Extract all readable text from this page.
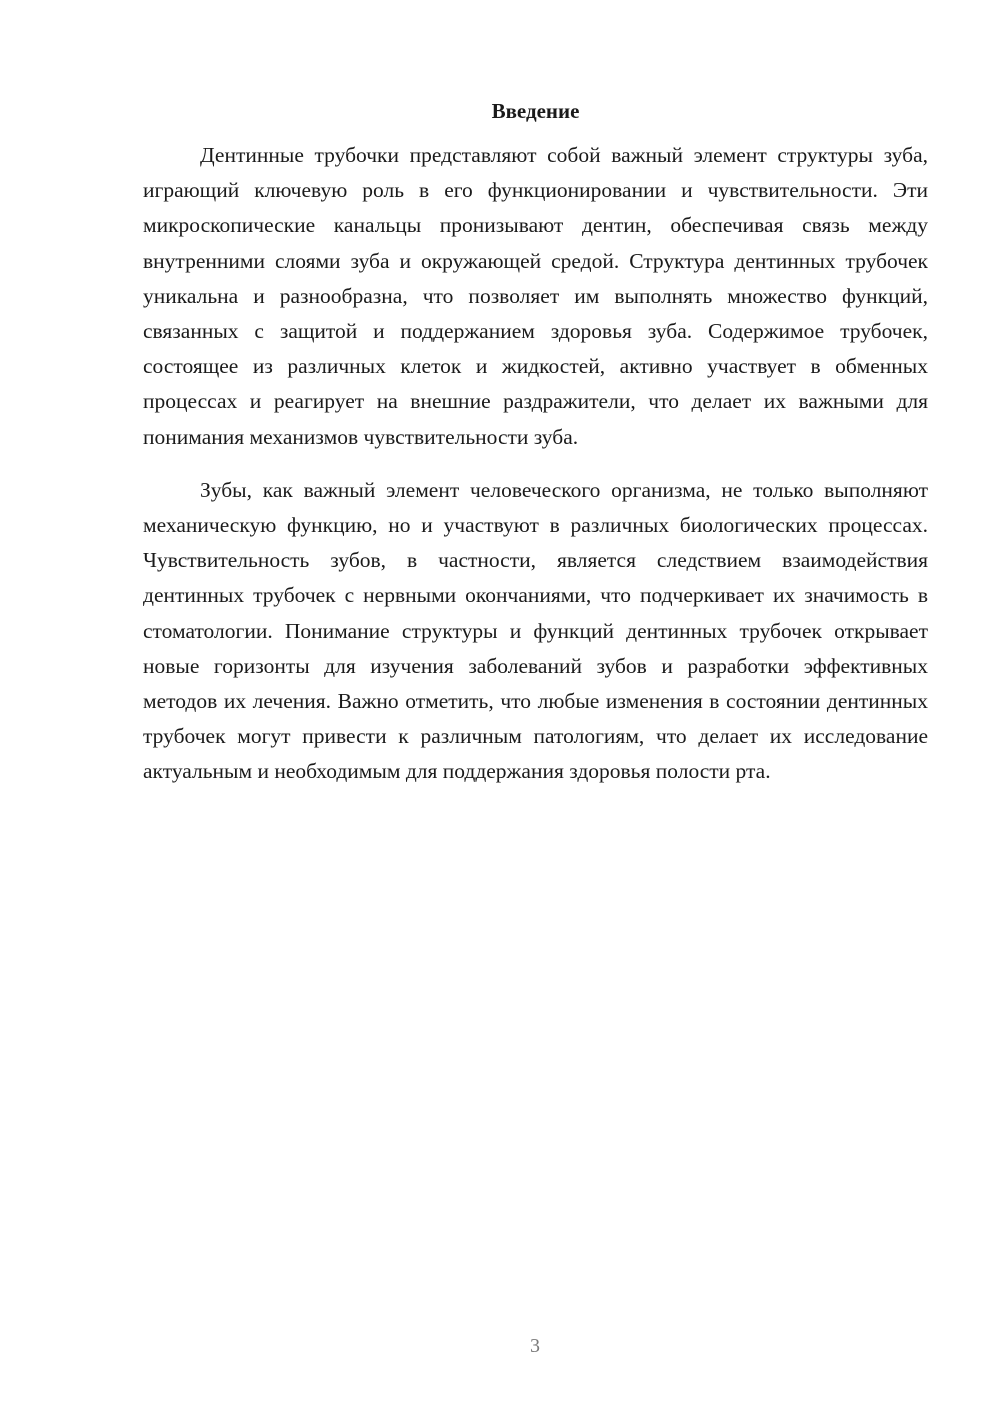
Введение

Дентинные трубочки представляют собой важный элемент структуры зуба, играющий ключевую роль в его функционировании и чувствительности. Эти микроскопические канальцы пронизывают дентин, обеспечивая связь между внутренними слоями зуба и окружающей средой. Структура дентинных трубочек уникальна и разнообразна, что позволяет им выполнять множество функций, связанных с защитой и поддержанием здоровья зуба. Содержимое трубочек, состоящее из различных клеток и жидкостей, активно участвует в обменных процессах и реагирует на внешние раздражители, что делает их важными для понимания механизмов чувствительности зуба.

Зубы, как важный элемент человеческого организма, не только выполняют механическую функцию, но и участвуют в различных биологических процессах. Чувствительность зубов, в частности, является следствием взаимодействия дентинных трубочек с нервными окончаниями, что подчеркивает их значимость в стоматологии. Понимание структуры и функций дентинных трубочек открывает новые горизонты для изучения заболеваний зубов и разработки эффективных методов их лечения. Важно отметить, что любые изменения в состоянии дентинных трубочек могут привести к различным патологиям, что делает их исследование актуальным и необходимым для поддержания здоровья полости рта.

3
